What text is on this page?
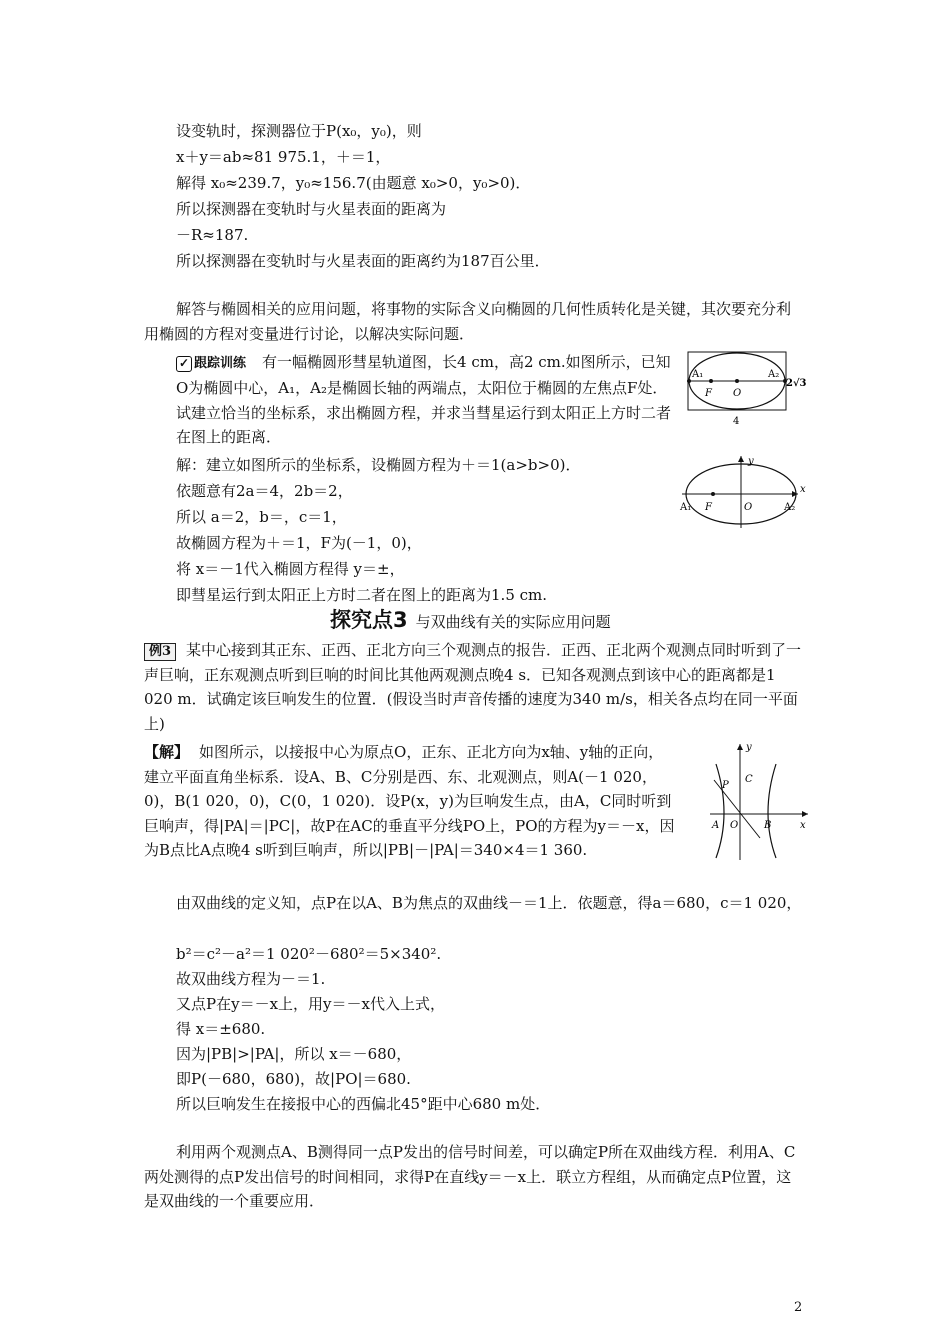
设变轨时，探测器位于P(x₀，y₀)，则
x＋y＝ab≈81 975.1，＋＝1，
解得 x₀≈239.7，y₀≈156.7(由题意 x₀>0，y₀>0)．
所以探测器在变轨时与火星表面的距离为
－R≈187.
所以探测器在变轨时与火星表面的距离约为187百公里．

解答与椭圆相关的应用问题，将事物的实际含义向椭圆的几何性质转化是关键，其次要充分利用椭圆的方程对变量进行讨论，以解决实际问题．

✓ 跟踪训练 有一幅椭圆形彗星轨道图，长4 cm，高2 cm.如图所示，已知O为椭圆中心，A₁，A₂是椭圆长轴的两端点，太阳位于椭圆的左焦点F处．试建立恰当的坐标系，求出椭圆方程，并求当彗星运行到太阳正上方时二者在图上的距离．

解：建立如图所示的坐标系，设椭圆方程为＋＝1(a>b>0)．
依题意有2a＝4，2b＝2，
所以 a＝2，b＝，c＝1，
故椭圆方程为＋＝1，F为(－1，0)，
将 x＝－1代入椭圆方程得 y＝±，
即彗星运行到太阳正上方时二者在图上的距离为1.5 cm.
A₁	A₂
F O
2√3
4
y
x
A₁ F	O	A₂
探究点3 与双曲线有关的实际应用问题

例3 某中心接到其正东、正西、正北方向三个观测点的报告．正西、正北两个观测点同时听到了一声巨响，正东观测点听到巨响的时间比其他两观测点晚4 s．已知各观测点到该中心的距离都是1 020 m．试确定该巨响发生的位置．(假设当时声音传播的速度为340 m/s，相关各点均在同一平面上)

【解】 如图所示，以接报中心为原点O，正东、正北方向为x轴、y轴的正向，建立平面直角坐标系．设A、B、C分别是西、东、北观测点，则A(－1 020，0)，B(1 020，0)，C(0，1 020)．设P(x，y)为巨响发生点，由A，C同时听到巨响声，得|PA|＝|PC|，故P在AC的垂直平分线PO上，PO的方程为y＝－x，因为B点比A点晚4 s听到巨响声，所以|PB|－|PA|＝340×4＝1 360.

由双曲线的定义知，点P在以A、B为焦点的双曲线－＝1上．依题意，得a＝680，c＝1 020，

b²＝c²－a²＝1 020²－680²＝5×340².
故双曲线方程为－＝1.
又点P在y＝－x上，用y＝－x代入上式，
得 x＝±680.
因为|PB|>|PA|，所以 x＝－680，
即P(－680，680)，故|PO|＝680.
所以巨响发生在接报中心的西偏北45°距中心680 m处．
y
x
P
C
A O	B

利用两个观测点A、B测得同一点P发出的信号时间差，可以确定P所在双曲线方程．利用A、C两处测得的点P发出信号的时间相同，求得P在直线y＝－x上．联立方程组，从而确定点P位置，这是双曲线的一个重要应用．

2
